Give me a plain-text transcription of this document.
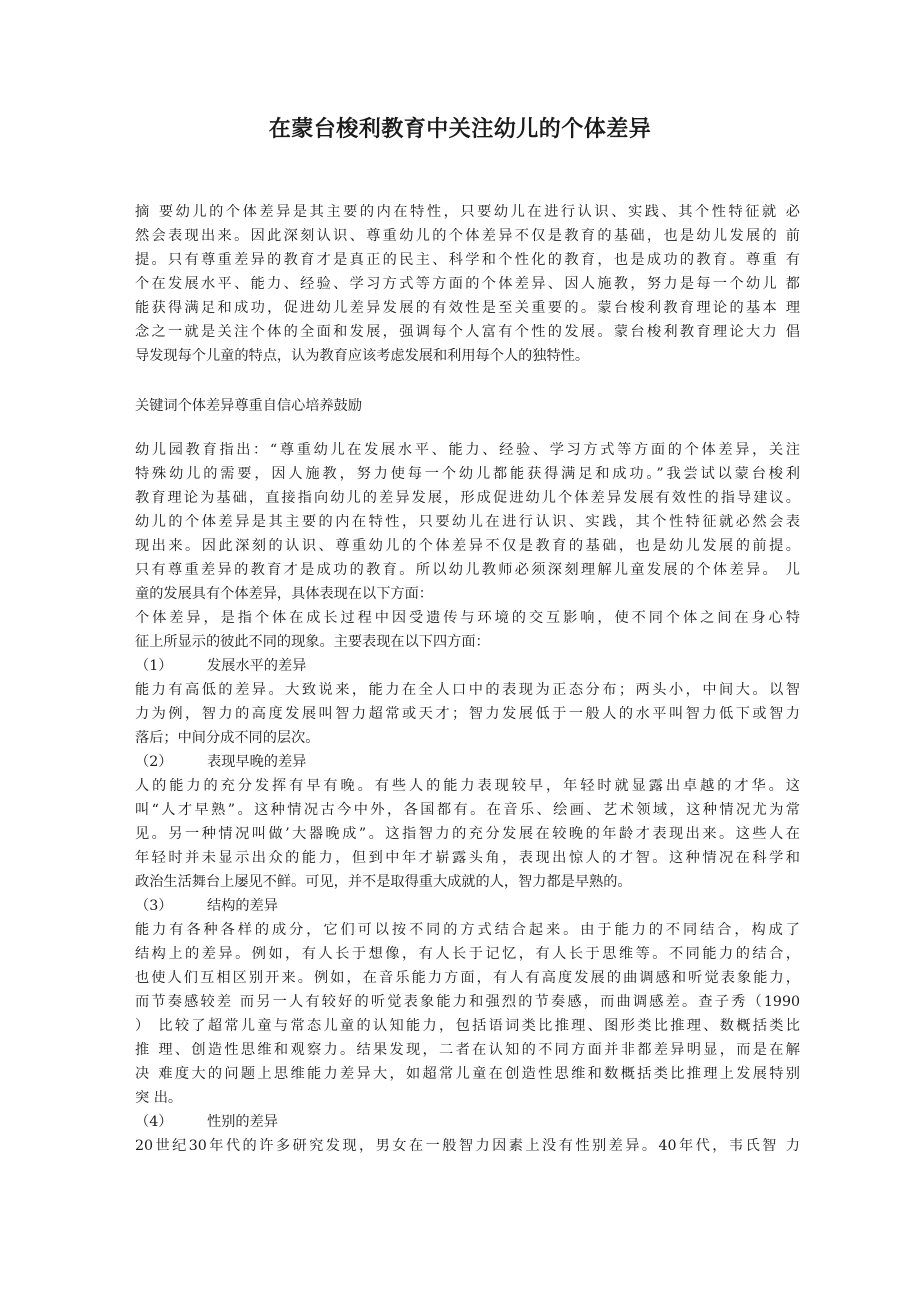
在蒙台梭利教育中关注幼儿的个体差异
摘 要幼儿的个体差异是其主要的内在特性，只要幼儿在进行认识、实践、其个性特征就 必
然会表现出来。因此深刻认识、尊重幼儿的个体差异不仅是教育的基础，也是幼儿发展的 前
提。只有尊重差异的教育才是真正的民主、科学和个性化的教育，也是成功的教育。尊重 有
个在发展水平、能力、经验、学习方式等方面的个体差异、因人施教，努力是每一个幼儿 都
能获得满足和成功，促进幼儿差异发展的有效性是至关重要的。蒙台梭利教育理论的基本 理
念之一就是关注个体的全面和发展，强调每个人富有个性的发展。蒙台梭利教育理论大力 倡
导发现每个儿童的特点，认为教育应该考虑发展和利用每个人的独特性。
关键词个体差异尊重自信心培养鼓励
幼儿园教育指出：“尊重幼儿在发展水平、能力、经验、学习方式等方面的个体差异，关注
特殊幼儿的需要，因人施教，努力使每一个幼儿都能获得满足和成功。”我尝试以蒙台梭利
教育理论为基础，直接指向幼儿的差异发展，形成促进幼儿个体差异发展有效性的指导建议。
幼儿的个体差异是其主要的内在特性，只要幼儿在进行认识、实践，其个性特征就必然会表
现出来。因此深刻的认识、尊重幼儿的个体差异不仅是教育的基础，也是幼儿发展的前提。
只有尊重差异的教育才是成功的教育。所以幼儿教师必须深刻理解儿童发展的个体差异。 儿
童的发展具有个体差异，具体表现在以下方面：
个体差异，是指个体在成长过程中因受遗传与环境的交互影响，使不同个体之间在身心特
征上所显示的彼此不同的现象。主要表现在以下四方面：
（1） 发展水平的差异
能力有高低的差异。大致说来，能力在全人口中的表现为正态分布；两头小，中间大。以智
力为例，智力的高度发展叫智力超常或天才；智力发展低于一般人的水平叫智力低下或智力
落后；中间分成不同的层次。
（2） 表现早晚的差异
人的能力的充分发挥有早有晚。有些人的能力表现较早，年轻时就显露出卓越的才华。这
叫“人才早熟”。这种情况古今中外，各国都有。在音乐、绘画、艺术领域，这种情况尤为常
见。另一种情况叫做’大器晚成”。这指智力的充分发展在较晚的年龄才表现出来。这些人在
年轻时并未显示出众的能力，但到中年才崭露头角，表现出惊人的才智。这种情况在科学和
政治生活舞台上屡见不鲜。可见，并不是取得重大成就的人，智力都是早熟的。
（3） 结构的差异
能力有各种各样的成分，它们可以按不同的方式结合起来。由于能力的不同结合，构成了
结构上的差异。例如，有人长于想像，有人长于记忆，有人长于思维等。不同能力的结合，
也使人们互相区别开来。例如，在音乐能力方面，有人有高度发展的曲调感和听觉表象能力，
而节奏感较差 而另一人有较好的听觉表象能力和强烈的节奏感，而曲调感差。查子秀（1990
） 比较了超常儿童与常态儿童的认知能力，包括语词类比推理、图形类比推理、数概括类比
推 理、创造性思维和观察力。结果发现，二者在认知的不同方面并非都差异明显，而是在解
决 难度大的问题上思维能力差异大，如超常儿童在创造性思维和数概括类比推理上发展特别
突 出。
（4） 性别的差异
20世纪30年代的许多研究发现，男女在一般智力因素上没有性别差异。40年代，韦氏智 力
